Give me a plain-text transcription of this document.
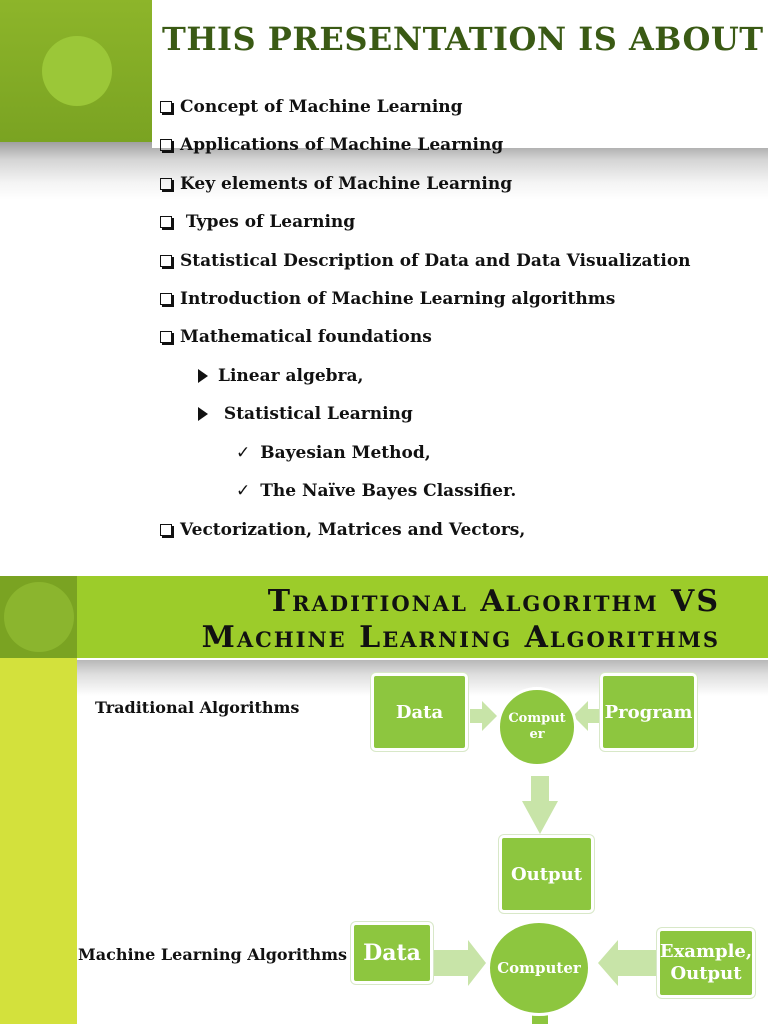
THIS PRESENTATION IS ABOUT
Concept of Machine Learning
Applications of Machine Learning
Key elements of Machine Learning
Types of Learning
Statistical Description of Data and Data Visualization
Introduction of Machine Learning algorithms
Mathematical foundations
Linear algebra,
Statistical Learning
✓ Bayesian Method,
✓ The Naïve Bayes Classifier.
Vectorization, Matrices and Vectors,
Traditional Algorithm VS
Machine Learning Algorithms
Traditional Algorithms	Data	Comput er
Program
Output
Machine Learning Algorithms Data
Computer
Example, Output
